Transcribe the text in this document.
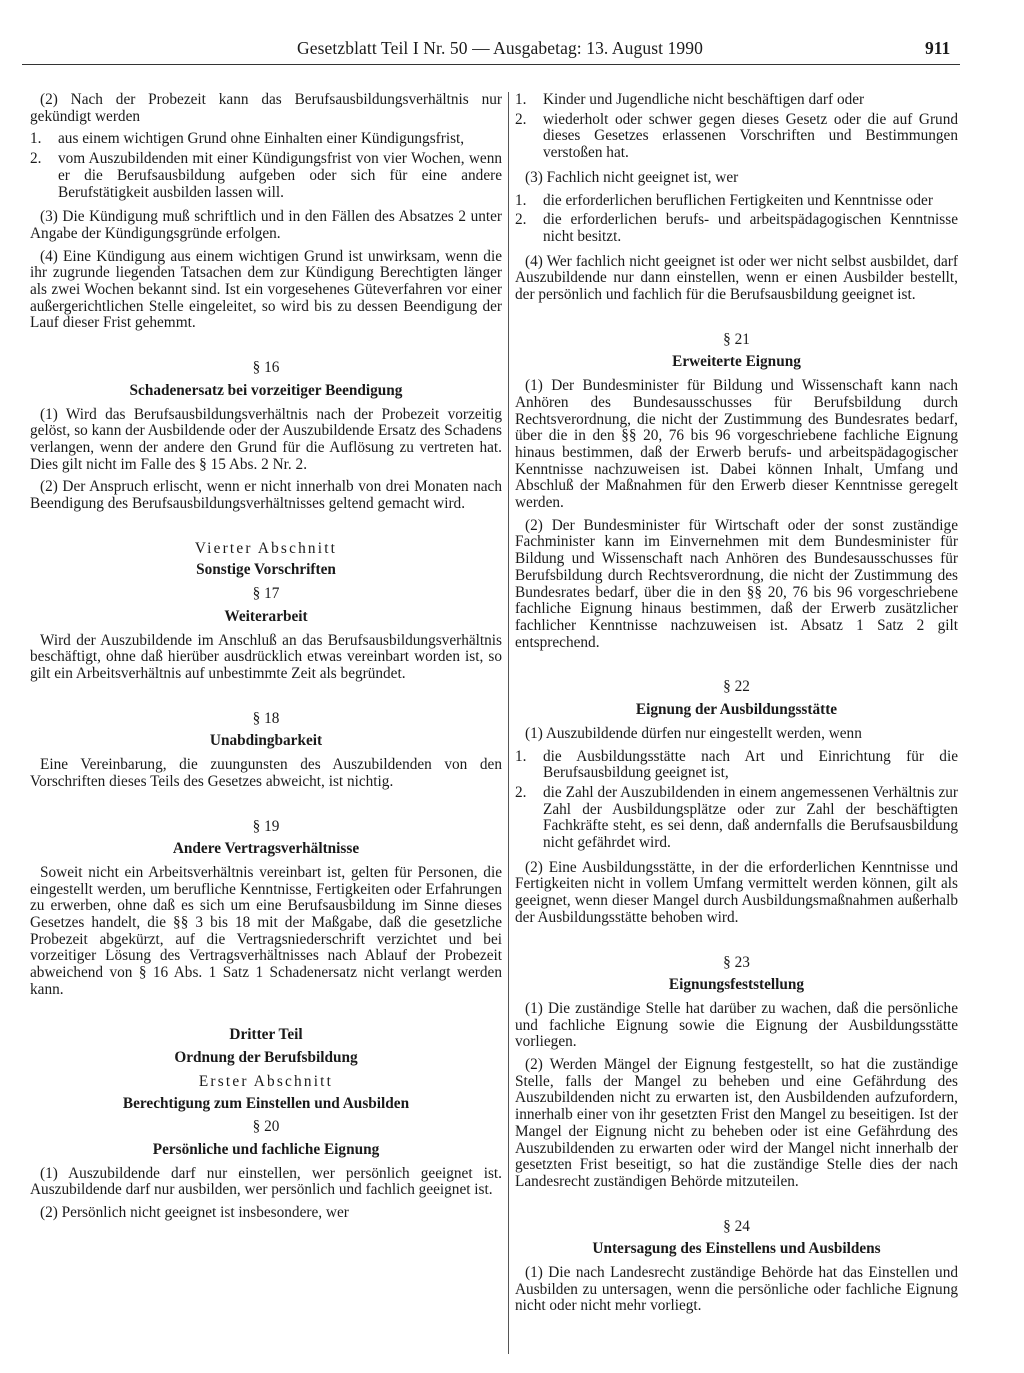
Gesetzblatt Teil I Nr. 50 — Ausgabetag: 13. August 1990	911

(2) Nach der Probezeit kann das Berufsausbildungsverhältnis nur gekündigt werden

1.	aus einem wichtigen Grund ohne Einhalten einer Kündigungsfrist,
2.	vom Auszubildenden mit einer Kündigungsfrist von vier Wochen, wenn er die Berufsausbildung aufgeben oder sich für eine andere Berufstätigkeit ausbilden lassen will.

(3) Die Kündigung muß schriftlich und in den Fällen des Absatzes 2 unter Angabe der Kündigungsgründe erfolgen.

(4) Eine Kündigung aus einem wichtigen Grund ist unwirksam, wenn die ihr zugrunde liegenden Tatsachen dem zur Kündigung Berechtigten länger als zwei Wochen bekannt sind. Ist ein vorgesehenes Güteverfahren vor einer außergerichtlichen Stelle eingeleitet, so wird bis zu dessen Beendigung der Lauf dieser Frist gehemmt.

§ 16
Schadenersatz bei vorzeitiger Beendigung

(1) Wird das Berufsausbildungsverhältnis nach der Probezeit vorzeitig gelöst, so kann der Ausbildende oder der Auszubildende Ersatz des Schadens verlangen, wenn der andere den Grund für die Auflösung zu vertreten hat. Dies gilt nicht im Falle des § 15 Abs. 2 Nr. 2.

(2) Der Anspruch erlischt, wenn er nicht innerhalb von drei Monaten nach Beendigung des Berufsausbildungsverhältnisses geltend gemacht wird.

Vierter Abschnitt
Sonstige Vorschriften
§ 17
Weiterarbeit

Wird der Auszubildende im Anschluß an das Berufsausbildungsverhältnis beschäftigt, ohne daß hierüber ausdrücklich etwas vereinbart worden ist, so gilt ein Arbeitsverhältnis auf unbestimmte Zeit als begründet.

§ 18
Unabdingbarkeit

Eine Vereinbarung, die zuungunsten des Auszubildenden von den Vorschriften dieses Teils des Gesetzes abweicht, ist nichtig.

§ 19
Andere Vertragsverhältnisse

Soweit nicht ein Arbeitsverhältnis vereinbart ist, gelten für Personen, die eingestellt werden, um berufliche Kenntnisse, Fertigkeiten oder Erfahrungen zu erwerben, ohne daß es sich um eine Berufsausbildung im Sinne dieses Gesetzes handelt, die §§ 3 bis 18 mit der Maßgabe, daß die gesetzliche Probezeit abgekürzt, auf die Vertragsniederschrift verzichtet und bei vorzeitiger Lösung des Vertragsverhältnisses nach Ablauf der Probezeit abweichend von § 16 Abs. 1 Satz 1 Schadenersatz nicht verlangt werden kann.

Dritter Teil
Ordnung der Berufsbildung
Erster Abschnitt
Berechtigung zum Einstellen und Ausbilden
§ 20
Persönliche und fachliche Eignung

(1) Auszubildende darf nur einstellen, wer persönlich geeignet ist. Auszubildende darf nur ausbilden, wer persönlich und fachlich geeignet ist.

(2) Persönlich nicht geeignet ist insbesondere, wer

1.	Kinder und Jugendliche nicht beschäftigen darf oder
2.	wiederholt oder schwer gegen dieses Gesetz oder die auf Grund dieses Gesetzes erlassenen Vorschriften und Bestimmungen verstoßen hat.

(3) Fachlich nicht geeignet ist, wer

1.	die erforderlichen beruflichen Fertigkeiten und Kenntnisse oder
2.	die erforderlichen berufs- und arbeitspädagogischen Kenntnisse nicht besitzt.

(4) Wer fachlich nicht geeignet ist oder wer nicht selbst ausbildet, darf Auszubildende nur dann einstellen, wenn er einen Ausbilder bestellt, der persönlich und fachlich für die Berufsausbildung geeignet ist.

§ 21
Erweiterte Eignung

(1) Der Bundesminister für Bildung und Wissenschaft kann nach Anhören des Bundesausschusses für Berufsbildung durch Rechtsverordnung, die nicht der Zustimmung des Bundesrates bedarf, über die in den §§ 20, 76 bis 96 vorgeschriebene fachliche Eignung hinaus bestimmen, daß der Erwerb berufs- und arbeitspädagogischer Kenntnisse nachzuweisen ist. Dabei können Inhalt, Umfang und Abschluß der Maßnahmen für den Erwerb dieser Kenntnisse geregelt werden.

(2) Der Bundesminister für Wirtschaft oder der sonst zuständige Fachminister kann im Einvernehmen mit dem Bundesminister für Bildung und Wissenschaft nach Anhören des Bundesausschusses für Berufsbildung durch Rechtsverordnung, die nicht der Zustimmung des Bundesrates bedarf, über die in den §§ 20, 76 bis 96 vorgeschriebene fachliche Eignung hinaus bestimmen, daß der Erwerb zusätzlicher fachlicher Kenntnisse nachzuweisen ist. Absatz 1 Satz 2 gilt entsprechend.

§ 22
Eignung der Ausbildungsstätte

(1) Auszubildende dürfen nur eingestellt werden, wenn

1.	die Ausbildungsstätte nach Art und Einrichtung für die Berufsausbildung geeignet ist,
2.	die Zahl der Auszubildenden in einem angemessenen Verhältnis zur Zahl der Ausbildungsplätze oder zur Zahl der beschäftigten Fachkräfte steht, es sei denn, daß andernfalls die Berufsausbildung nicht gefährdet wird.

(2) Eine Ausbildungsstätte, in der die erforderlichen Kenntnisse und Fertigkeiten nicht in vollem Umfang vermittelt werden können, gilt als geeignet, wenn dieser Mangel durch Ausbildungsmaßnahmen außerhalb der Ausbildungsstätte behoben wird.

§ 23
Eignungsfeststellung

(1) Die zuständige Stelle hat darüber zu wachen, daß die persönliche und fachliche Eignung sowie die Eignung der Ausbildungsstätte vorliegen.

(2) Werden Mängel der Eignung festgestellt, so hat die zuständige Stelle, falls der Mangel zu beheben und eine Gefährdung des Auszubildenden nicht zu erwarten ist, den Ausbildenden aufzufordern, innerhalb einer von ihr gesetzten Frist den Mangel zu beseitigen. Ist der Mangel der Eignung nicht zu beheben oder ist eine Gefährdung des Auszubildenden zu erwarten oder wird der Mangel nicht innerhalb der gesetzten Frist beseitigt, so hat die zuständige Stelle dies der nach Landesrecht zuständigen Behörde mitzuteilen.

§ 24
Untersagung des Einstellens und Ausbildens

(1) Die nach Landesrecht zuständige Behörde hat das Einstellen und Ausbilden zu untersagen, wenn die persönliche oder fachliche Eignung nicht oder nicht mehr vorliegt.
